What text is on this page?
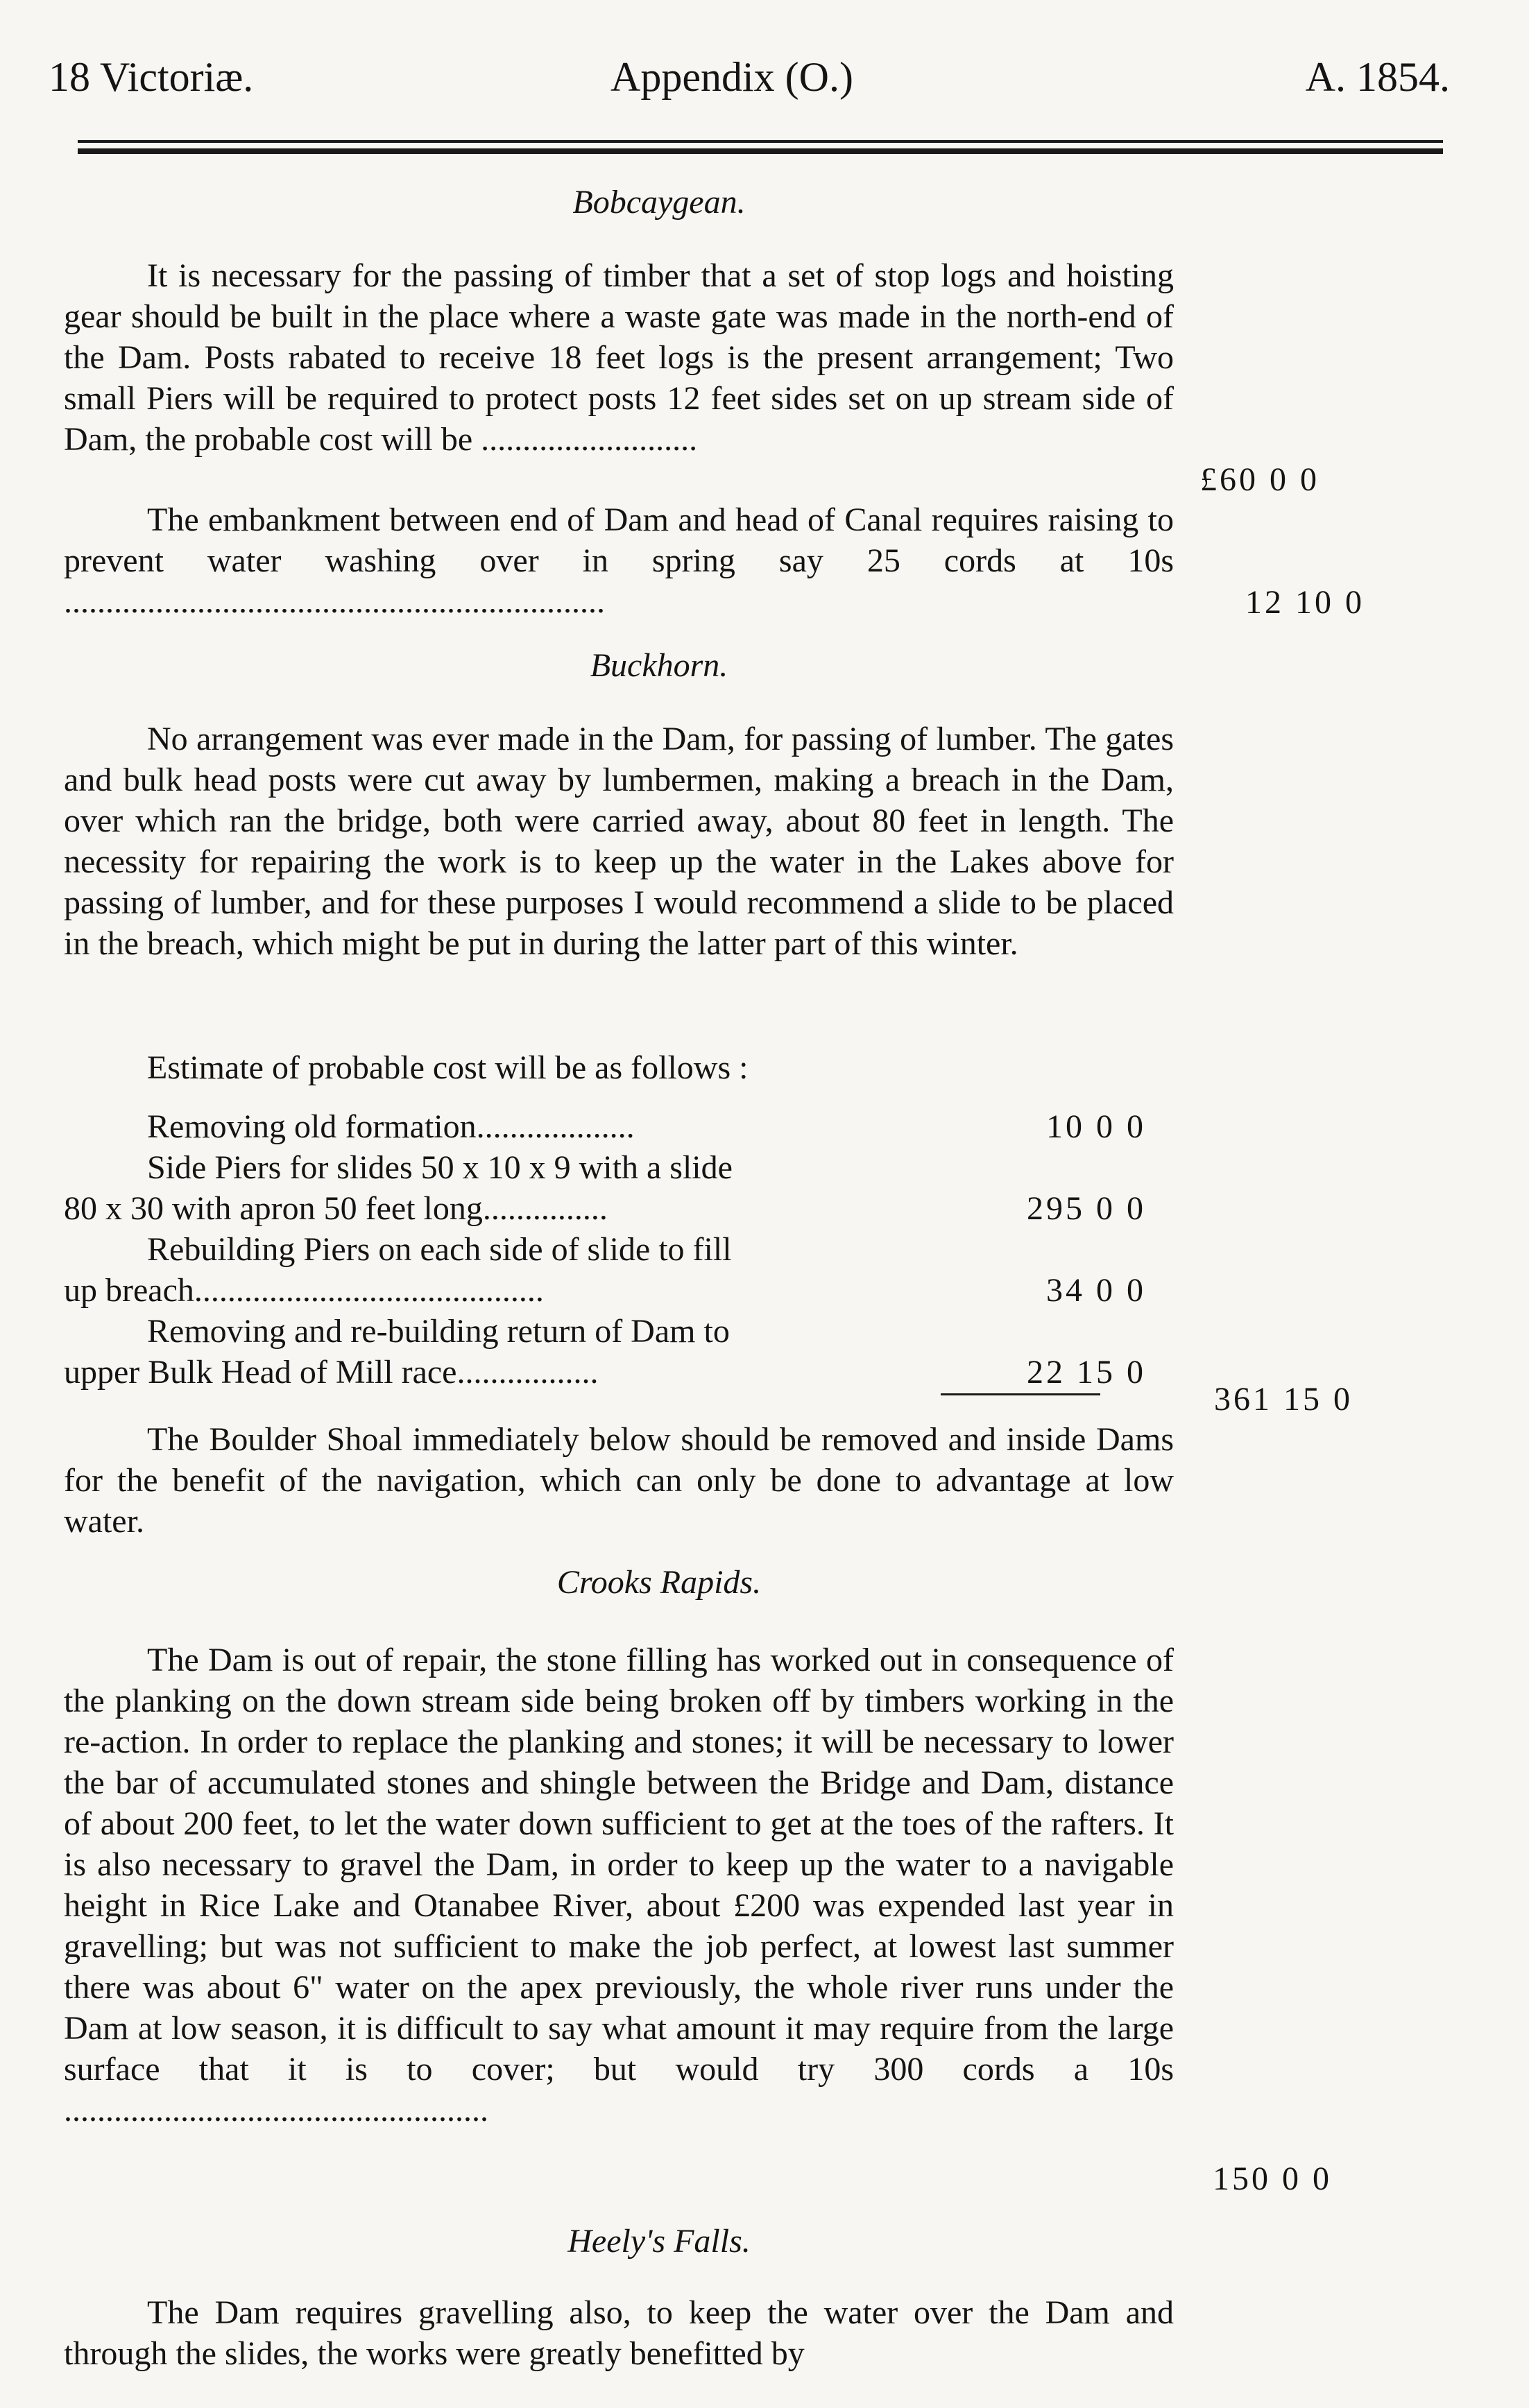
18 Victoriæ.	Appendix (O.)	A. 1854.
Bobcaygean.

It is necessary for the passing of timber that a set of stop logs and hoisting gear should be built in the place where a waste gate was made in the north-end of the Dam. Posts rabated to receive 18 feet logs is the present arrangement; Two small Piers will be required to protect posts 12 feet sides set on up stream side of Dam, the probable cost will be ..........................

£60 0 0

The embankment between end of Dam and head of Canal requires raising to prevent water washing over in spring say 25 cords at 10s .................................................................	12 10 0
Buckhorn.

No arrangement was ever made in the Dam, for passing of lumber. The gates and bulk head posts were cut away by lumbermen, making a breach in the Dam, over which ran the bridge, both were carried away, about 80 feet in length. The necessity for repairing the work is to keep up the water in the Lakes above for passing of lumber, and for these purposes I would recommend a slide to be placed in the breach, which might be put in during the latter part of this winter.

Estimate of probable cost will be as follows :

Removing old formation...................	10 0 0
Side Piers for slides 50 x 10 x 9 with a slide
80 x 30 with apron 50 feet long...............	295 0 0
Rebuilding Piers on each side of slide to fill
up breach..........................................	34 0 0
Removing and re-building return of Dam to
upper Bulk Head of Mill race.................	22 15 0
361 15 0

The Boulder Shoal immediately below should be removed and inside Dams for the benefit of the navigation, which can only be done to advantage at low water.

Crooks Rapids.

The Dam is out of repair, the stone filling has worked out in consequence of the planking on the down stream side being broken off by timbers working in the re-action. In order to replace the planking and stones; it will be necessary to lower the bar of accumulated stones and shingle between the Bridge and Dam, distance of about 200 feet, to let the water down sufficient to get at the toes of the rafters. It is also necessary to gravel the Dam, in order to keep up the water to a navigable height in Rice Lake and Otanabee River, about £200 was expended last year in gravelling; but was not sufficient to make the job perfect, at lowest last summer there was about 6" water on the apex previously, the whole river runs under the Dam at low season, it is difficult to say what amount it may require from the large surface that it is to cover; but would try 300 cords a 10s ...................................................

150 0 0
Heely's Falls.

The Dam requires gravelling also, to keep the water over the Dam and through the slides, the works were greatly benefitted by
